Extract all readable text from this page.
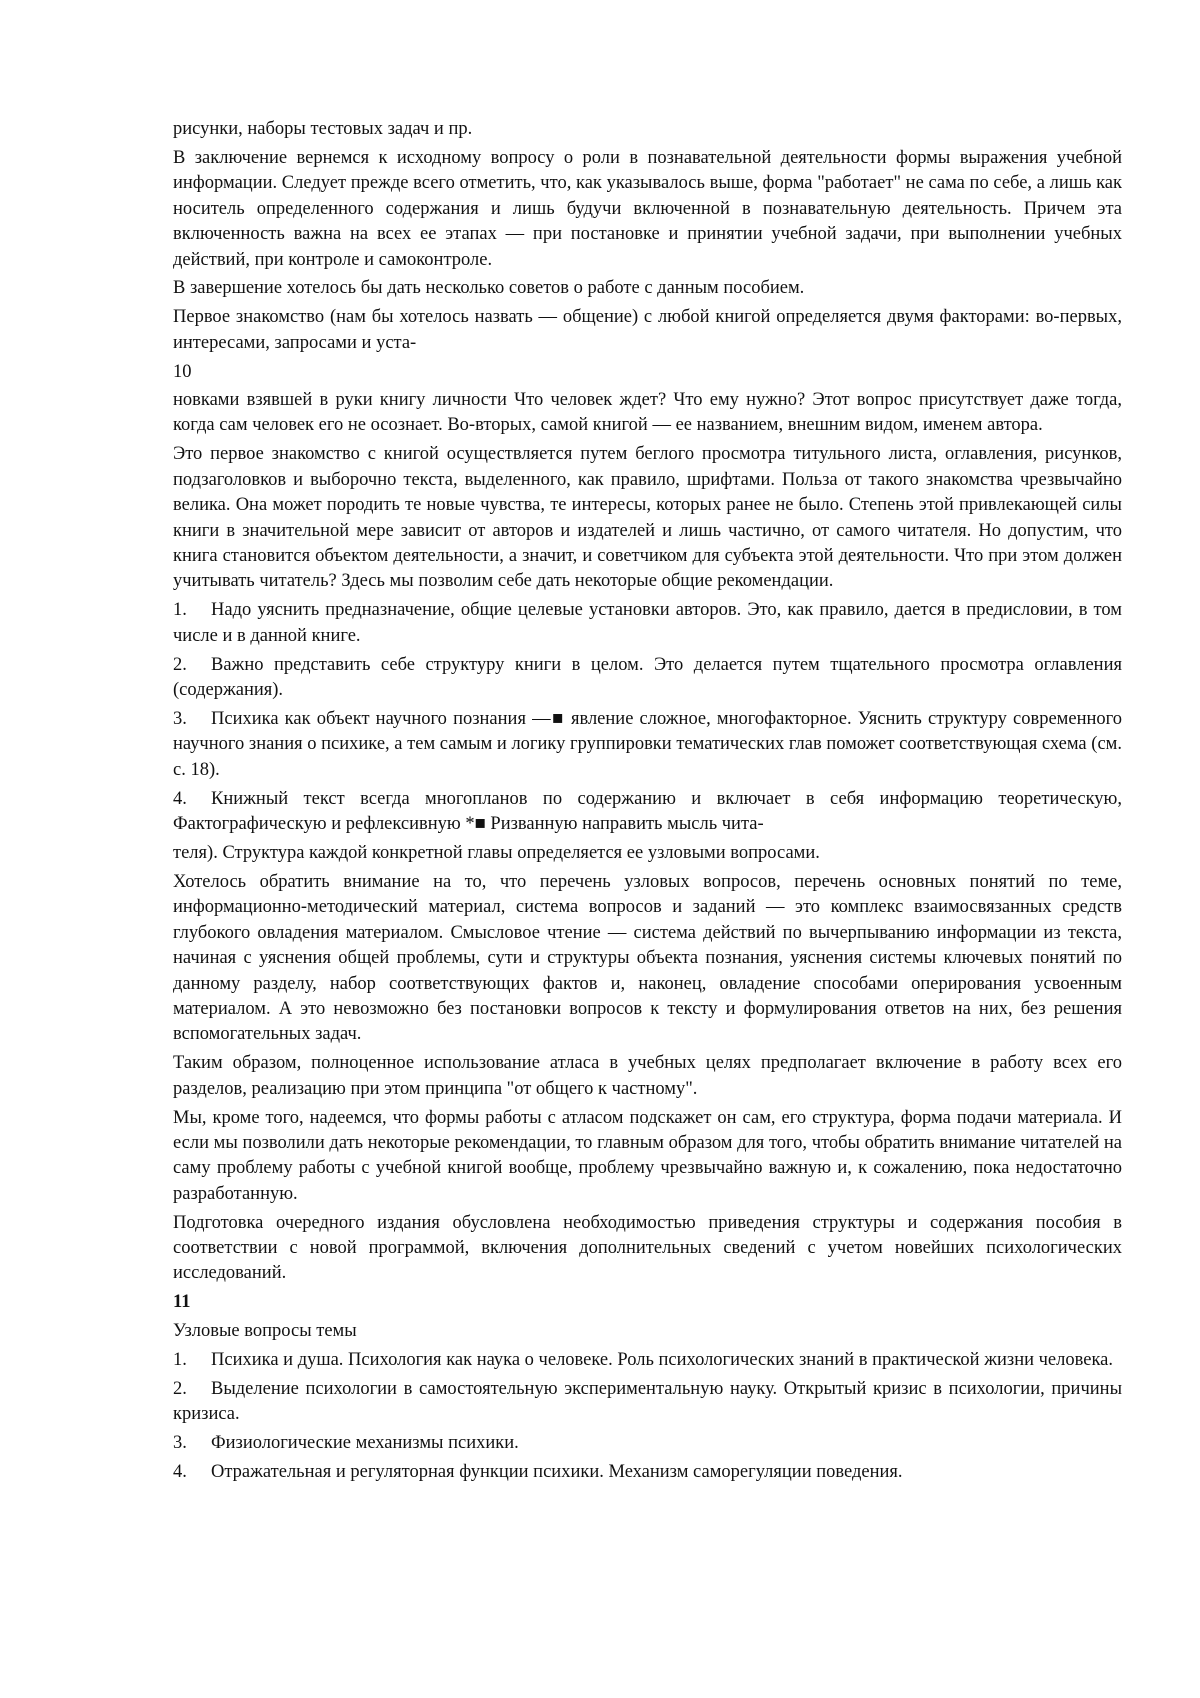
рисунки, наборы тестовых задач и пр.

В заключение вернемся к исходному вопросу о роли в познавательной деятельности формы выражения учебной информации. Следует прежде всего отметить, что, как указывалось выше, форма "работает" не сама по себе, а лишь как носитель определенного содержания и лишь будучи включенной в познавательную деятельность. Причем эта включенность важна на всех ее этапах — при постановке и принятии учебной задачи, при выполнении учебных действий, при контроле и самоконтроле.

В завершение хотелось бы дать несколько советов о работе с данным пособием.

Первое знакомство (нам бы хотелось назвать — общение) с любой книгой определяется двумя факторами: во-первых, интересами, запросами и уста-

10

новками взявшей в руки книгу личности Что человек ждет? Что ему нужно? Этот вопрос присутствует даже тогда, когда сам человек его не осознает. Во-вторых, самой книгой — ее названием, внешним видом, именем автора.

Это первое знакомство с книгой осуществляется путем беглого просмотра титульного листа, оглавления, рисунков, подзаголовков и выборочно текста, выделенного, как правило, шрифтами. Польза от такого знакомства чрезвычайно велика. Она может породить те новые чувства, те интересы, которых ранее не было. Степень этой привлекающей силы книги в значительной мере зависит от авторов и издателей и лишь частично, от самого читателя. Но допустим, что книга становится объектом деятельности, а значит, и советчиком для субъекта этой деятельности. Что при этом должен учитывать читатель? Здесь мы позволим себе дать некоторые общие рекомендации.

1. Надо уяснить предназначение, общие целевые установки авторов. Это, как правило, дается в предисловии, в том числе и в данной книге.
2. Важно представить себе структуру книги в целом. Это делается путем тщательного просмотра оглавления (содержания).
3. Психика как объект научного познания —■ явление сложное, многофакторное. Уяснить структуру современного научного знания о психике, а тем самым и логику группировки тематических глав поможет соответствующая схема (см. с. 18).
4. Книжный текст всегда многопланов по содержанию и включает в себя информацию теоретическую, Фактографическую и рефлексивную *■ Ризванную направить мысль чита-

теля). Структура каждой конкретной главы определяется ее узловыми вопросами.

Хотелось обратить внимание на то, что перечень узловых вопросов, перечень основных понятий по теме, информационно-методический материал, система вопросов и заданий — это комплекс взаимосвязанных средств глубокого овладения материалом. Смысловое чтение — система действий по вычерпыванию информации из текста, начиная с уяснения общей проблемы, сути и структуры объекта познания, уяснения системы ключевых понятий по данному разделу, набор соответствующих фактов и, наконец, овладение способами оперирования усвоенным материалом. А это невозможно без постановки вопросов к тексту и формулирования ответов на них, без решения вспомогательных задач.

Таким образом, полноценное использование атласа в учебных целях предполагает включение в работу всех его разделов, реализацию при этом принципа "от общего к частному".

Мы, кроме того, надеемся, что формы работы с атласом подскажет он сам, его структура, форма подачи материала. И если мы позволили дать некоторые рекомендации, то главным образом для того, чтобы обратить внимание читателей на саму проблему работы с учебной книгой вообще, проблему чрезвычайно важную и, к сожалению, пока недостаточно разработанную.

Подготовка очередного издания обусловлена необходимостью приведения структуры и содержания пособия в соответствии с новой программой, включения дополнительных сведений с учетом новейших психологических исследований.

11

Узловые вопросы темы

1. Психика и душа. Психология как наука о человеке. Роль психологических знаний в практической жизни человека.
2. Выделение психологии в самостоятельную экспериментальную науку. Открытый кризис в психологии, причины кризиса.
3. Физиологические механизмы психики.
4. Отражательная и регуляторная функции психики. Механизм саморегуляции поведения.
